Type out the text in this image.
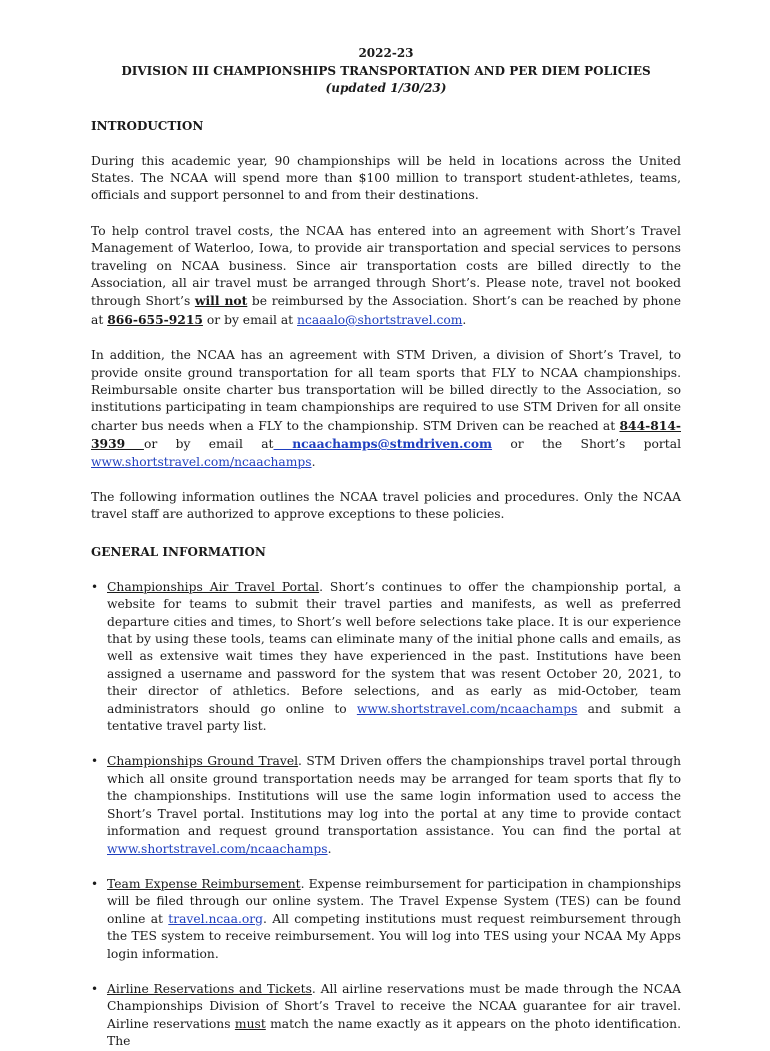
2022-23
DIVISION III CHAMPIONSHIPS TRANSPORTATION AND PER DIEM POLICIES
(updated 1/30/23)
INTRODUCTION

During this academic year, 90 championships will be held in locations across the United States. The NCAA will spend more than $100 million to transport student-athletes, teams, officials and support personnel to and from their destinations.

To help control travel costs, the NCAA has entered into an agreement with Short’s Travel Management of Waterloo, Iowa, to provide air transportation and special services to persons traveling on NCAA business. Since air transportation costs are billed directly to the Association, all air travel must be arranged through Short’s. Please note, travel not booked through Short’s will not be reimbursed by the Association. Short’s can be reached by phone at 866-655-9215 or by email at ncaaalo@shortstravel.com.

In addition, the NCAA has an agreement with STM Driven, a division of Short’s Travel, to provide onsite ground transportation for all team sports that FLY to NCAA championships. Reimbursable onsite charter bus transportation will be billed directly to the Association, so institutions participating in team championships are required to use STM Driven for all onsite charter bus needs when a FLY to the championship. STM Driven can be reached at 844-814-3939 or by email at ncaachamps@stmdriven.com or the Short’s portal www.shortstravel.com/ncaachamps.

The following information outlines the NCAA travel policies and procedures. Only the NCAA travel staff are authorized to approve exceptions to these policies.

GENERAL INFORMATION
• Championships Air Travel Portal. Short’s continues to offer the championship portal, a website for teams to submit their travel parties and manifests, as well as preferred departure cities and times, to Short’s well before selections take place. It is our experience that by using these tools, teams can eliminate many of the initial phone calls and emails, as well as extensive wait times they have experienced in the past. Institutions have been assigned a username and password for the system that was resent October 20, 2021, to their director of athletics. Before selections, and as early as mid-October, team administrators should go online to www.shortstravel.com/ncaachamps and submit a tentative travel party list.

• Championships Ground Travel. STM Driven offers the championships travel portal through which all onsite ground transportation needs may be arranged for team sports that fly to the championships. Institutions will use the same login information used to access the Short’s Travel portal. Institutions may log into the portal at any time to provide contact information and request ground transportation assistance. You can find the portal at www.shortstravel.com/ncaachamps.

• Team Expense Reimbursement. Expense reimbursement for participation in championships will be filed through our online system. The Travel Expense System (TES) can be found online at travel.ncaa.org. All competing institutions must request reimbursement through the TES system to receive reimbursement. You will log into TES using your NCAA My Apps login information.

• Airline Reservations and Tickets. All airline reservations must be made through the NCAA Championships Division of Short’s Travel to receive the NCAA guarantee for air travel. Airline reservations must match the name exactly as it appears on the photo identification. The
